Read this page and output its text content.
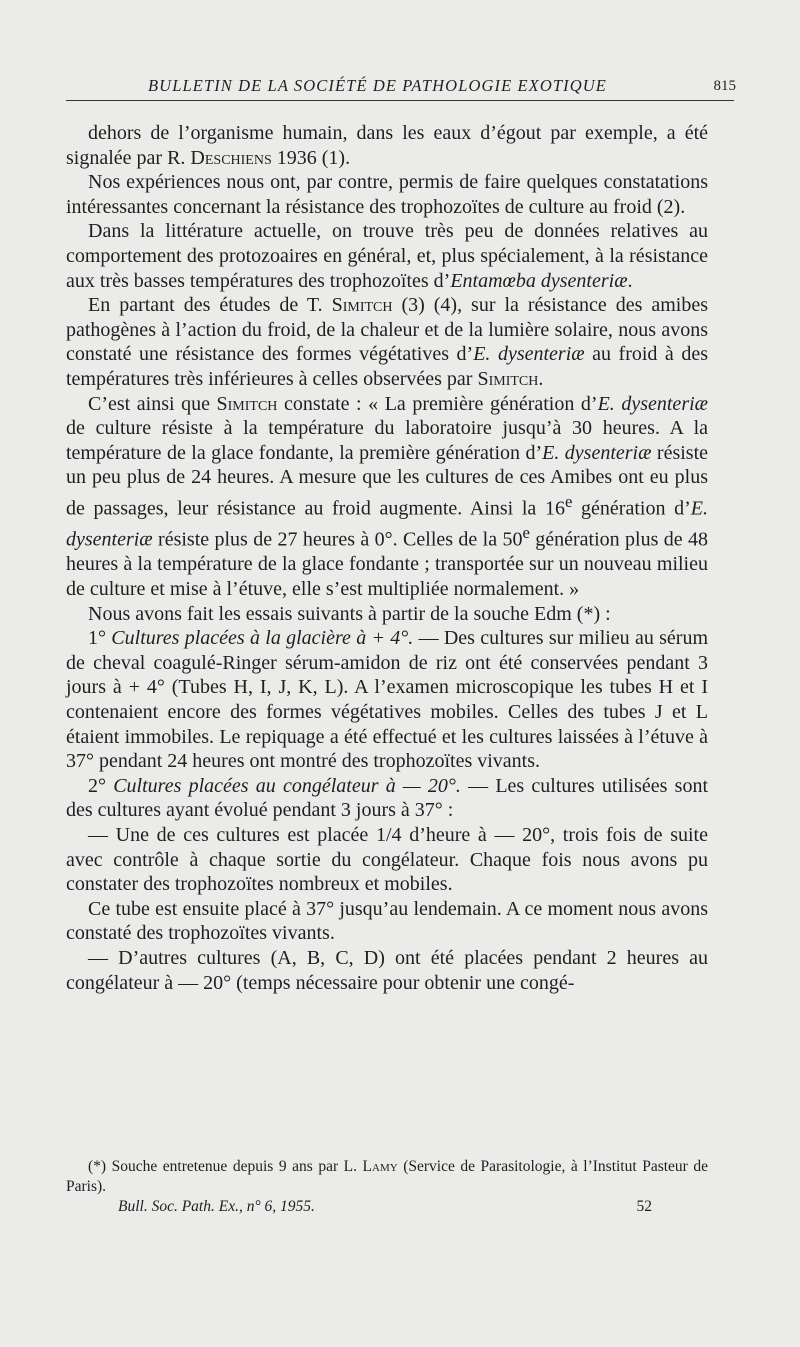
BULLETIN DE LA SOCIÉTÉ DE PATHOLOGIE EXOTIQUE	815

dehors de l’organisme humain, dans les eaux d’égout par exemple, a été signalée par R. Deschiens 1936 (1).

Nos expériences nous ont, par contre, permis de faire quelques constatations intéressantes concernant la résistance des trophozoïtes de culture au froid (2).

Dans la littérature actuelle, on trouve très peu de données relatives au comportement des protozoaires en général, et, plus spécialement, à la résistance aux très basses températures des trophozoïtes d’Entamœba dysenteriæ.

En partant des études de T. Simitch (3) (4), sur la résistance des amibes pathogènes à l’action du froid, de la chaleur et de la lumière solaire, nous avons constaté une résistance des formes végétatives d’E. dysenteriæ au froid à des températures très inférieures à celles observées par Simitch.

C’est ainsi que Simitch constate : « La première génération d’E. dysenteriæ de culture résiste à la température du laboratoire jusqu’à 30 heures. A la température de la glace fondante, la première génération d’E. dysenteriæ résiste un peu plus de 24 heures. A mesure que les cultures de ces Amibes ont eu plus de passages, leur résistance au froid augmente. Ainsi la 16e génération d’E. dysenteriæ résiste plus de 27 heures à 0°. Celles de la 50e génération plus de 48 heures à la température de la glace fondante ; transportée sur un nouveau milieu de culture et mise à l’étuve, elle s’est multipliée normalement. »

Nous avons fait les essais suivants à partir de la souche Edm (*) :

1° Cultures placées à la glacière à + 4°. — Des cultures sur milieu au sérum de cheval coagulé-Ringer sérum-amidon de riz ont été conservées pendant 3 jours à + 4° (Tubes H, I, J, K, L). A l’examen microscopique les tubes H et I contenaient encore des formes végétatives mobiles. Celles des tubes J et L étaient immobiles. Le repiquage a été effectué et les cultures laissées à l’étuve à 37° pendant 24 heures ont montré des trophozoïtes vivants.

2° Cultures placées au congélateur à — 20°. — Les cultures utilisées sont des cultures ayant évolué pendant 3 jours à 37° :

— Une de ces cultures est placée 1/4 d’heure à — 20°, trois fois de suite avec contrôle à chaque sortie du congélateur. Chaque fois nous avons pu constater des trophozoïtes nombreux et mobiles.

Ce tube est ensuite placé à 37° jusqu’au lendemain. A ce moment nous avons constaté des trophozoïtes vivants.

— D’autres cultures (A, B, C, D) ont été placées pendant 2 heures au congélateur à — 20° (temps nécessaire pour obtenir une congé-

(*) Souche entretenue depuis 9 ans par L. Lamy (Service de Parasitologie, à l’Institut Pasteur de Paris).

Bull. Soc. Path. Ex., n° 6, 1955.	52
